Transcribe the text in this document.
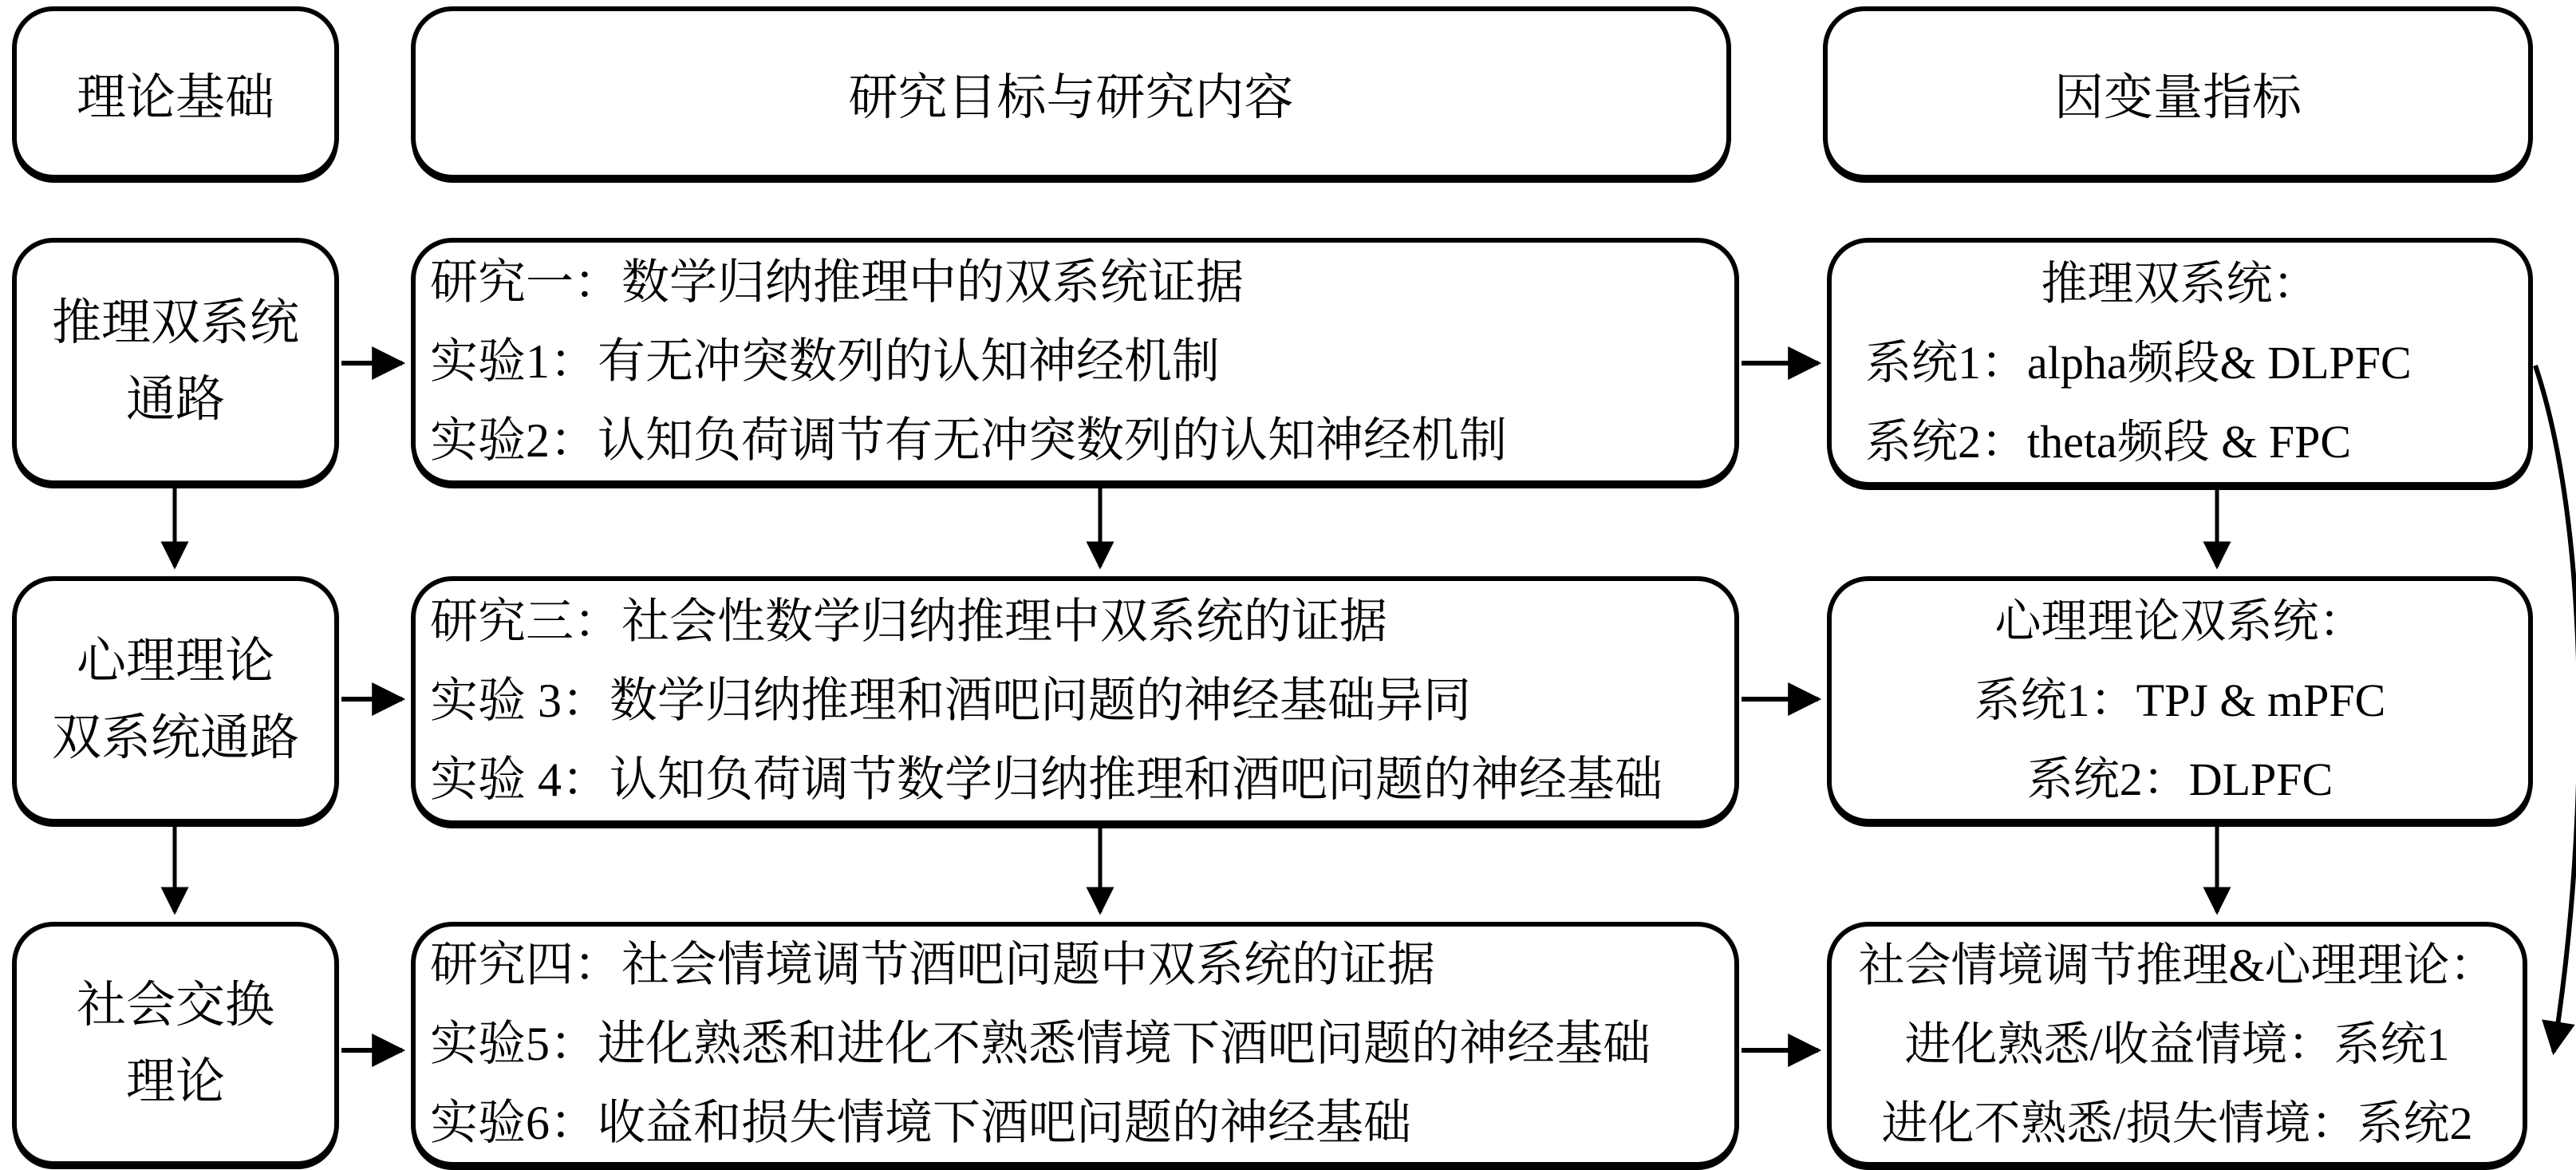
理论基础	研究目标与研究内容	因变量指标
推理双系统
通路
研究一：数学归纳推理中的双系统证据
实验1：有无冲突数列的认知神经机制
实验2：认知负荷调节有无冲突数列的认知神经机制
推理双系统：
系统1：alpha频段& DLPFC
系统2：theta频段 & FPC
心理理论
双系统通路
研究三：社会性数学归纳推理中双系统的证据
实验 3：数学归纳推理和酒吧问题的神经基础异同
实验 4：认知负荷调节数学归纳推理和酒吧问题的神经基础
心理理论双系统：
系统1：TPJ & mPFC
系统2：DLPFC
社会交换
理论
研究四：社会情境调节酒吧问题中双系统的证据
实验5：进化熟悉和进化不熟悉情境下酒吧问题的神经基础
实验6：收益和损失情境下酒吧问题的神经基础
社会情境调节推理&心理理论：
进化熟悉/收益情境：系统1
进化不熟悉/损失情境：系统2
